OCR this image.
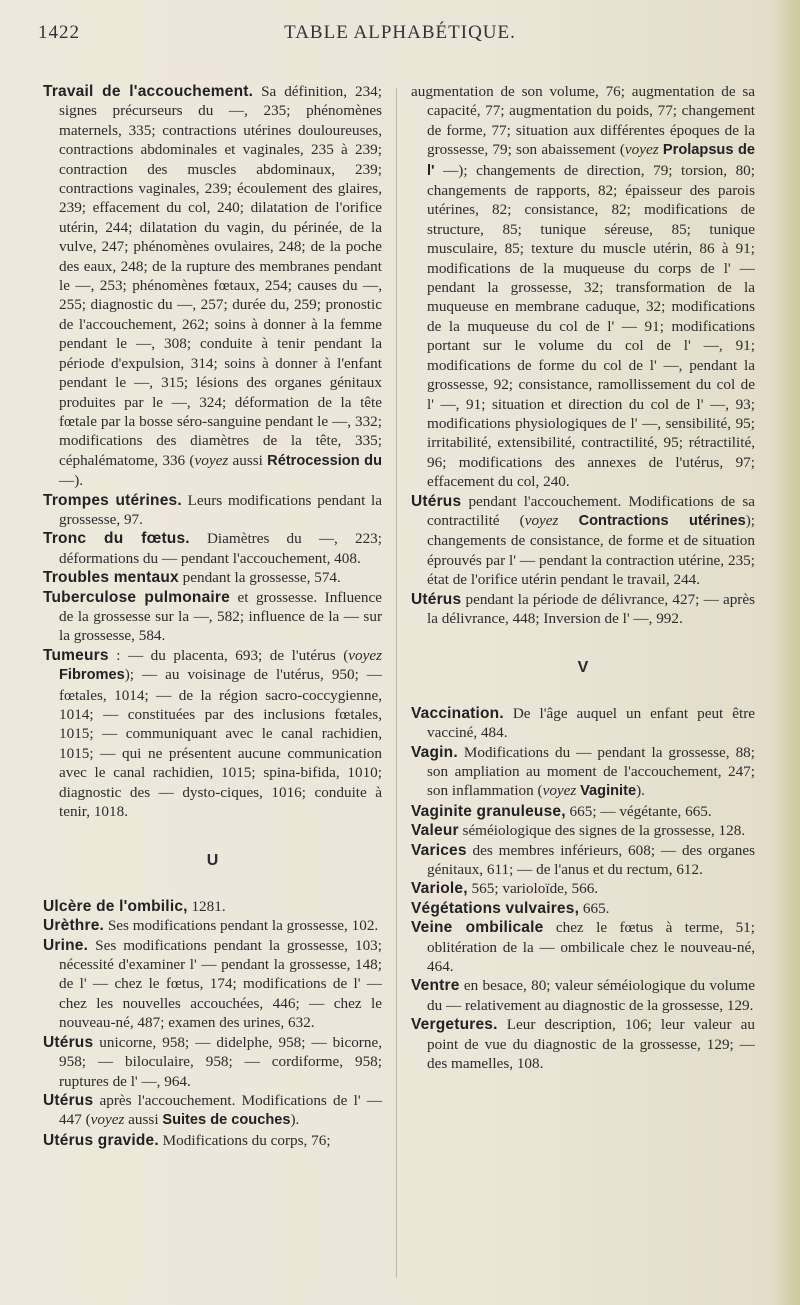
1422	TABLE ALPHABÉTIQUE.
Travail de l'accouchement. Sa définition, 234; signes précurseurs du —, 235; phénomènes maternels, 335; contractions utérines douloureuses, contractions abdominales et vaginales, 235 à 239; contraction des muscles abdominaux, 239; contractions vaginales, 239; écoulement des glaires, 239; effacement du col, 240; dilatation de l'orifice utérin, 244; dilatation du vagin, du périnée, de la vulve, 247; phénomènes ovulaires, 248; de la poche des eaux, 248; de la rupture des membranes pendant le —, 253; phénomènes fœtaux, 254; causes du —, 255; diagnostic du —, 257; durée du, 259; pronostic de l'accouchement, 262; soins à donner à la femme pendant le —, 308; conduite à tenir pendant la période d'expulsion, 314; soins à donner à l'enfant pendant le —, 315; lésions des organes génitaux produites par le —, 324; déformation de la tête fœtale par la bosse séro-sanguine pendant le —, 332; modifications des diamètres de la tête, 335; céphalématome, 336 (voyez aussi Rétrocession du —).
Trompes utérines. Leurs modifications pendant la grossesse, 97.
Tronc du fœtus. Diamètres du —, 223; déformations du — pendant l'accouchement, 408.
Troubles mentaux pendant la grossesse, 574.
Tuberculose pulmonaire et grossesse. Influence de la grossesse sur la —, 582; influence de la — sur la grossesse, 584.
Tumeurs : — du placenta, 693; de l'utérus (voyez Fibromes); — au voisinage de l'utérus, 950; — fœtales, 1014; — de la région sacro-coccygienne, 1014; — constituées par des inclusions fœtales, 1015; — communiquant avec le canal rachidien, 1015; — qui ne présentent aucune communication avec le canal rachidien, 1015; spina-bifida, 1010; diagnostic des — dysto-ciques, 1016; conduite à tenir, 1018.
U
Ulcère de l'ombilic, 1281.
Urèthre. Ses modifications pendant la grossesse, 102.
Urine. Ses modifications pendant la grossesse, 103; nécessité d'examiner l' — pendant la grossesse, 148; de l' — chez le fœtus, 174; modifications de l' — chez les nouvelles accouchées, 446; — chez le nouveau-né, 487; examen des urines, 632.
Utérus unicorne, 958; — didelphe, 958; — bicorne, 958; — biloculaire, 958; — cordiforme, 958; ruptures de l' —, 964.
Utérus après l'accouchement. Modifications de l' — 447 (voyez aussi Suites de couches).
Utérus gravide. Modifications du corps, 76;
augmentation de son volume, 76; augmentation de sa capacité, 77; augmentation du poids, 77; changement de forme, 77; situation aux différentes époques de la grossesse, 79; son abaissement (voyez Prolapsus de l' —); changements de direction, 79; torsion, 80; changements de rapports, 82; épaisseur des parois utérines, 82; consistance, 82; modifications de structure, 85; tunique séreuse, 85; tunique musculaire, 85; texture du muscle utérin, 86 à 91; modifications de la muqueuse du corps de l' — pendant la grossesse, 32; transformation de la muqueuse en membrane caduque, 32; modifications de la muqueuse du col de l' — 91; modifications portant sur le volume du col de l' —, 91; modifications de forme du col de l' —, pendant la grossesse, 92; consistance, ramollissement du col de l' —, 91; situation et direction du col de l' —, 93; modifications physiologiques de l' —, sensibilité, 95; irritabilité, extensibilité, contractilité, 95; rétractilité, 96; modifications des annexes de l'utérus, 97; effacement du col, 240.
Utérus pendant l'accouchement. Modifications de sa contractilité (voyez Contractions utérines); changements de consistance, de forme et de situation éprouvés par l' — pendant la contraction utérine, 235; état de l'orifice utérin pendant le travail, 244.
Utérus pendant la période de délivrance, 427; — après la délivrance, 448; Inversion de l' —, 992.
V
Vaccination. De l'âge auquel un enfant peut être vacciné, 484.
Vagin. Modifications du — pendant la grossesse, 88; son ampliation au moment de l'accouchement, 247; son inflammation (voyez Vaginite).
Vaginite granuleuse, 665; — végétante, 665.
Valeur séméiologique des signes de la grossesse, 128.
Varices des membres inférieurs, 608; — des organes génitaux, 611; — de l'anus et du rectum, 612.
Variole, 565; varioloïde, 566.
Végétations vulvaires, 665.
Veine ombilicale chez le fœtus à terme, 51; oblitération de la — ombilicale chez le nouveau-né, 464.
Ventre en besace, 80; valeur séméiologique du volume du — relativement au diagnostic de la grossesse, 129.
Vergetures. Leur description, 106; leur valeur au point de vue du diagnostic de la grossesse, 129; — des mamelles, 108.
